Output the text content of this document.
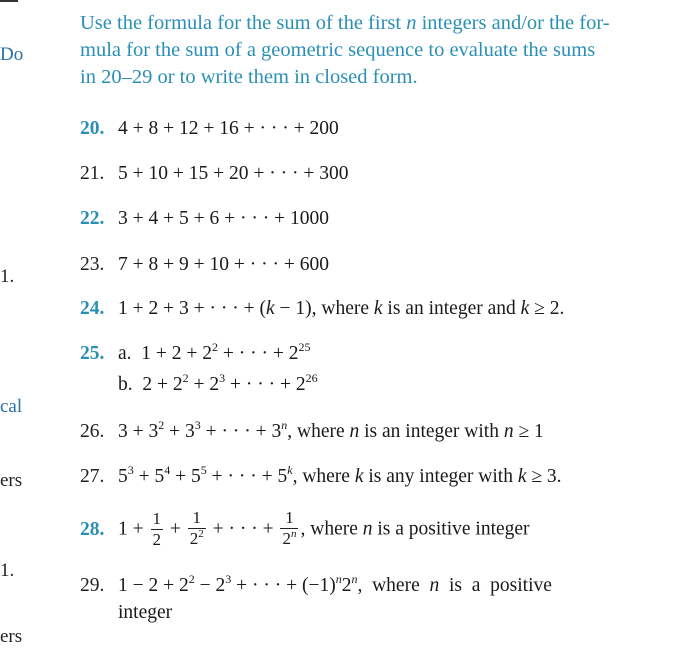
Do
1.
cal
ers
1.
ers
Use the formula for the sum of the first n integers and/or the for-
mula for the sum of a geometric sequence to evaluate the sums
in 20–29 or to write them in closed form.
20. 4 + 8 + 12 + 16 + · · · + 200
21. 5 + 10 + 15 + 20 + · · · + 300
22. 3 + 4 + 5 + 6 + · · · + 1000
23. 7 + 8 + 9 + 10 + · · · + 600
24. 1 + 2 + 3 + · · · + (k − 1), where k is an integer and k ≥ 2.
25. a. $1 + 2 + 2^2$ + · · · + $2^{25}$
b. $2 + 2^2 + 2^3$ + · · · + $2^{26}$
26. $3 + 3^2 + 3^3$ + · · · + $3^n$, where n is an integer with n ≥ 1
27. $5^3 + 5^4 + 5^5$ + · · · + $5^k$, where k is any integer with k ≥ 3.
28. $1 + \frac{1}{2} + \frac{1}{2^2}$ + · · · + $\frac{1}{2^n}$ , where n is a positive integer
29. $1 - 2 + 2^2 - 2^3$ + · · · + $(-1)^n2^n$,  where  n  is  a  positive
integer
